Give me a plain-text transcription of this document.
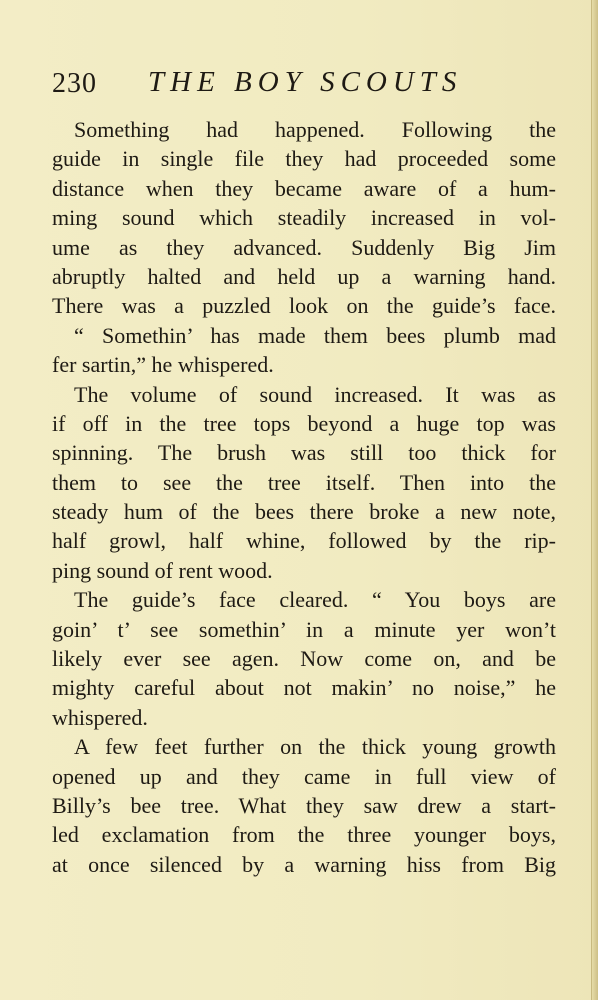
230 THE BOY SCOUTS
Something had happened. Following the
guide in single file they had proceeded some
distance when they became aware of a hum-
ming sound which steadily increased in vol-
ume as they advanced. Suddenly Big Jim
abruptly halted and held up a warning hand.
There was a puzzled look on the guide’s face.
“ Somethin’ has made them bees plumb mad
fer sartin,” he whispered.
The volume of sound increased. It was as
if off in the tree tops beyond a huge top was
spinning. The brush was still too thick for
them to see the tree itself. Then into the
steady hum of the bees there broke a new note,
half growl, half whine, followed by the rip-
ping sound of rent wood.
The guide’s face cleared. “ You boys are
goin’ t’ see somethin’ in a minute yer won’t
likely ever see agen. Now come on, and be
mighty careful about not makin’ no noise,” he
whispered.
A few feet further on the thick young growth
opened up and they came in full view of
Billy’s bee tree. What they saw drew a start-
led exclamation from the three younger boys,
at once silenced by a warning hiss from Big
